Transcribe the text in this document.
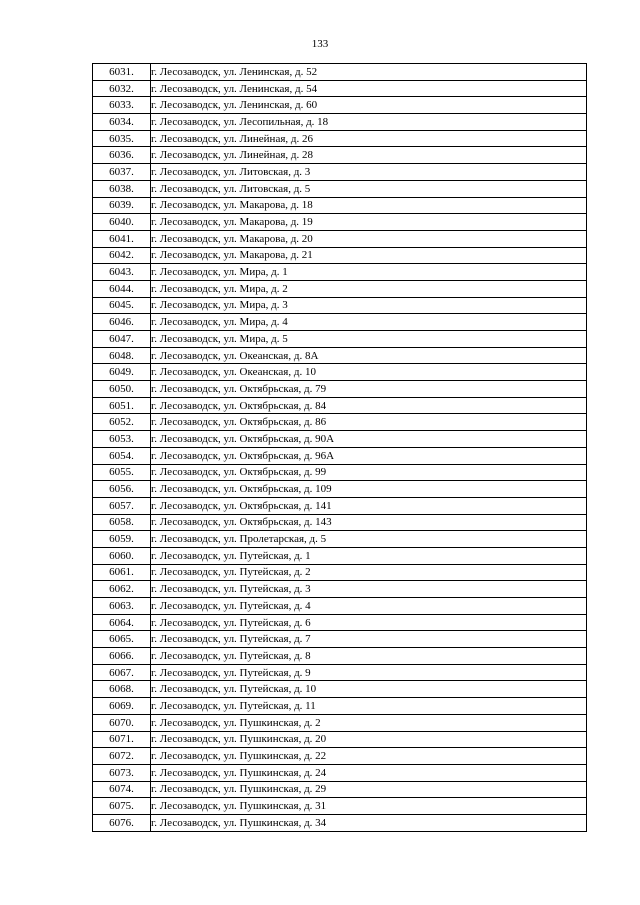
133
6031.	г. Лесозаводск, ул. Ленинская, д. 52
6032.	г. Лесозаводск, ул. Ленинская, д. 54
6033.	г. Лесозаводск, ул. Ленинская, д. 60
6034.	г. Лесозаводск, ул. Лесопильная, д. 18
6035.	г. Лесозаводск, ул. Линейная, д. 26
6036.	г. Лесозаводск, ул. Линейная, д. 28
6037.	г. Лесозаводск, ул. Литовская, д. 3
6038.	г. Лесозаводск, ул. Литовская, д. 5
6039.	г. Лесозаводск, ул. Макарова, д. 18
6040.	г. Лесозаводск, ул. Макарова, д. 19
6041.	г. Лесозаводск, ул. Макарова, д. 20
6042.	г. Лесозаводск, ул. Макарова, д. 21
6043.	г. Лесозаводск, ул. Мира, д. 1
6044.	г. Лесозаводск, ул. Мира, д. 2
6045.	г. Лесозаводск, ул. Мира, д. 3
6046.	г. Лесозаводск, ул. Мира, д. 4
6047.	г. Лесозаводск, ул. Мира, д. 5
6048.	г. Лесозаводск, ул. Океанская, д. 8А
6049.	г. Лесозаводск, ул. Океанская, д. 10
6050.	г. Лесозаводск, ул. Октябрьская, д. 79
6051.	г. Лесозаводск, ул. Октябрьская, д. 84
6052.	г. Лесозаводск, ул. Октябрьская, д. 86
6053.	г. Лесозаводск, ул. Октябрьская, д. 90А
6054.	г. Лесозаводск, ул. Октябрьская, д. 96А
6055.	г. Лесозаводск, ул. Октябрьская, д. 99
6056.	г. Лесозаводск, ул. Октябрьская, д. 109
6057.	г. Лесозаводск, ул. Октябрьская, д. 141
6058.	г. Лесозаводск, ул. Октябрьская, д. 143
6059.	г. Лесозаводск, ул. Пролетарская, д. 5
6060.	г. Лесозаводск, ул. Путейская, д. 1
6061.	г. Лесозаводск, ул. Путейская, д. 2
6062.	г. Лесозаводск, ул. Путейская, д. 3
6063.	г. Лесозаводск, ул. Путейская, д. 4
6064.	г. Лесозаводск, ул. Путейская, д. 6
6065.	г. Лесозаводск, ул. Путейская, д. 7
6066.	г. Лесозаводск, ул. Путейская, д. 8
6067.	г. Лесозаводск, ул. Путейская, д. 9
6068.	г. Лесозаводск, ул. Путейская, д. 10
6069.	г. Лесозаводск, ул. Путейская, д. 11
6070.	г. Лесозаводск, ул. Пушкинская, д. 2
6071.	г. Лесозаводск, ул. Пушкинская, д. 20
6072.	г. Лесозаводск, ул. Пушкинская, д. 22
6073.	г. Лесозаводск, ул. Пушкинская, д. 24
6074.	г. Лесозаводск, ул. Пушкинская, д. 29
6075.	г. Лесозаводск, ул. Пушкинская, д. 31
6076.	г. Лесозаводск, ул. Пушкинская, д. 34
